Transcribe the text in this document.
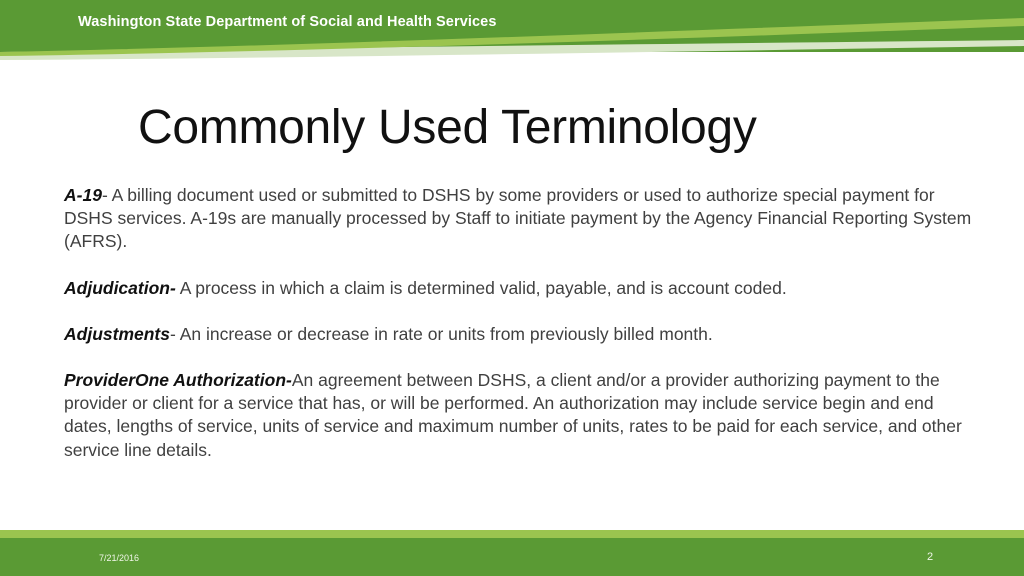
Washington State Department of Social and Health Services
Commonly Used Terminology

A-19- A billing document used or submitted to DSHS by some providers or used to authorize special payment for DSHS services. A-19s are manually processed by Staff to initiate payment by the Agency Financial Reporting System (AFRS).

Adjudication- A process in which a claim is determined valid, payable, and is account coded.

Adjustments- An increase or decrease in rate or units from previously billed month.

ProviderOne Authorization-An agreement between DSHS, a client and/or a provider authorizing payment to the provider or client for a service that has, or will be performed. An authorization may include service begin and end dates, lengths of service, units of service and maximum number of units, rates to be paid for each service, and other service line details.

7/21/2016	2
